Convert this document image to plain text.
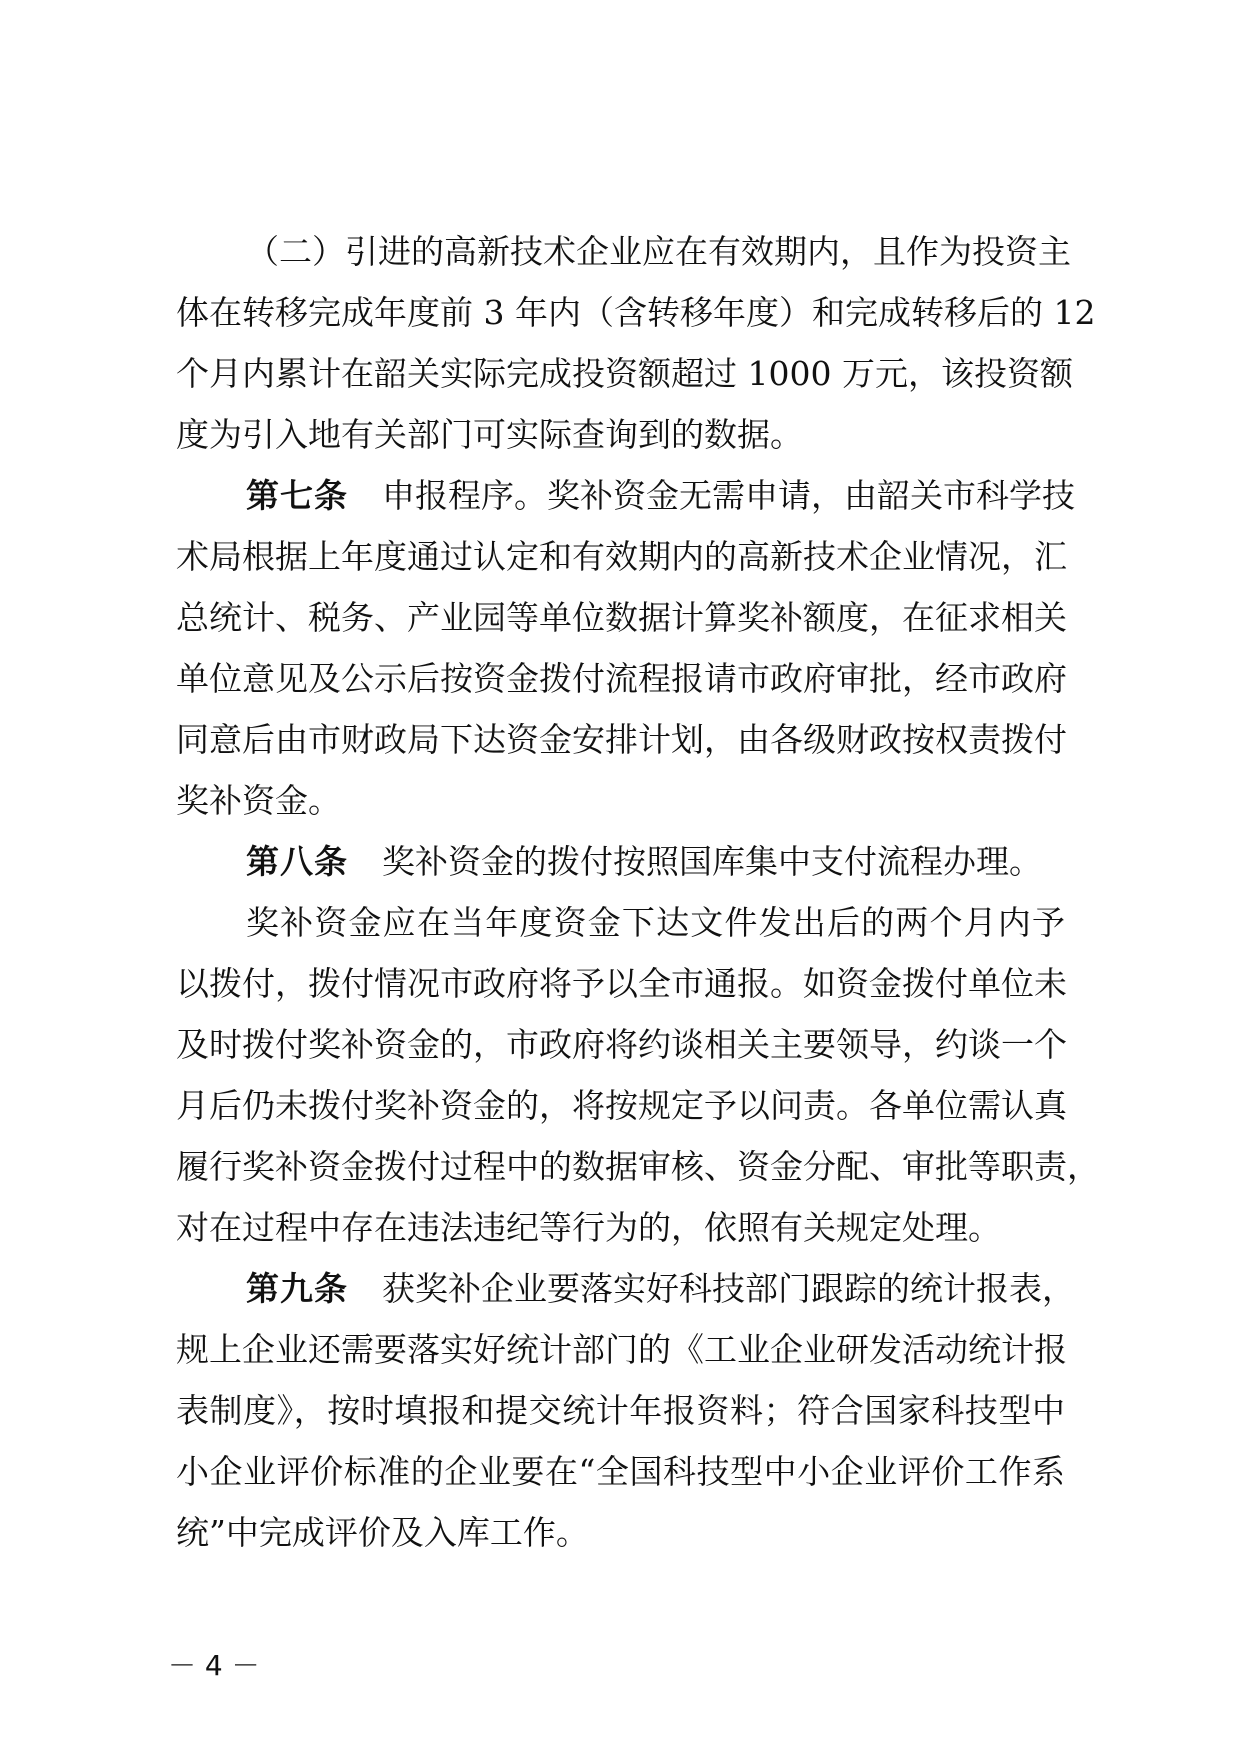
（二）引进的高新技术企业应在有效期内，且作为投资主
体在转移完成年度前 3 年内（含转移年度）和完成转移后的 12
个月内累计在韶关实际完成投资额超过 1000 万元，该投资额
度为引入地有关部门可实际查询到的数据。
第七条 申报程序。奖补资金无需申请，由韶关市科学技
术局根据上年度通过认定和有效期内的高新技术企业情况，汇
总统计、税务、产业园等单位数据计算奖补额度，在征求相关
单位意见及公示后按资金拨付流程报请市政府审批，经市政府
同意后由市财政局下达资金安排计划，由各级财政按权责拨付
奖补资金。
第八条 奖补资金的拨付按照国库集中支付流程办理。
奖补资金应在当年度资金下达文件发出后的两个月内予
以拨付，拨付情况市政府将予以全市通报。如资金拨付单位未
及时拨付奖补资金的，市政府将约谈相关主要领导，约谈一个
月后仍未拨付奖补资金的，将按规定予以问责。各单位需认真
履行奖补资金拨付过程中的数据审核、资金分配、审批等职责，
对在过程中存在违法违纪等行为的，依照有关规定处理。
第九条 获奖补企业要落实好科技部门跟踪的统计报表，
规上企业还需要落实好统计部门的《工业企业研发活动统计报
表制度》，按时填报和提交统计年报资料；符合国家科技型中
小企业评价标准的企业要在“全国科技型中小企业评价工作系
统”中完成评价及入库工作。
－ 4 －
